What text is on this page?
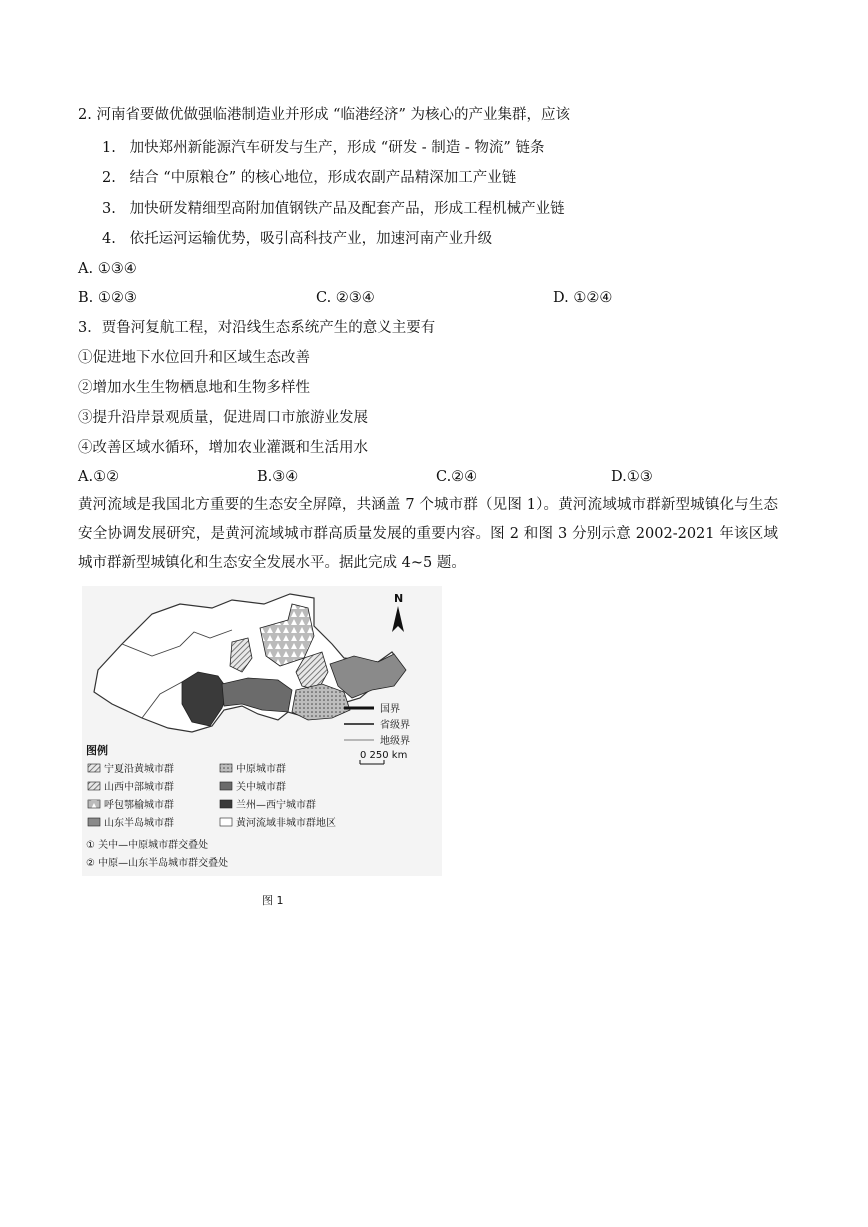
2. 河南省要做优做强临港制造业并形成 “临港经济” 为核心的产业集群，应该
1. 加快郑州新能源汽车研发与生产，形成 “研发 - 制造 - 物流” 链条
2. 结合 “中原粮仓” 的核心地位，形成农副产品精深加工产业链
3. 加快研发精细型高附加值钢铁产品及配套产品，形成工程机械产业链
4. 依托运河运输优势，吸引高科技产业，加速河南产业升级
A. ①③④
B. ①②③	C. ②③④	D. ①②④
3．贾鲁河复航工程，对沿线生态系统产生的意义主要有
①促进地下水位回升和区域生态改善
②增加水生生物栖息地和生物多样性
③提升沿岸景观质量，促进周口市旅游业发展
④改善区域水循环，增加农业灌溉和生活用水
A.①②	B.③④	C.②④	D.①③
黄河流域是我国北方重要的生态安全屏障，共涵盖 7 个城市群（见图 1）。黄河流域城市群新型城镇化与生态安全协调发展研究，是黄河流域城市群高质量发展的重要内容。图 2 和图 3 分别示意 2002-2021 年该区域城市群新型城镇化和生态安全发展水平。据此完成 4~5 题。
N
国界
省级界
地级界
0 250 km
图例
宁夏沿黄城市群
山西中部城市群
呼包鄂榆城市群
山东半岛城市群
中原城市群
关中城市群
兰州—西宁城市群
黄河流域非城市群地区
① 关中—中原城市群交叠处
② 中原—山东半岛城市群交叠处
图 1
